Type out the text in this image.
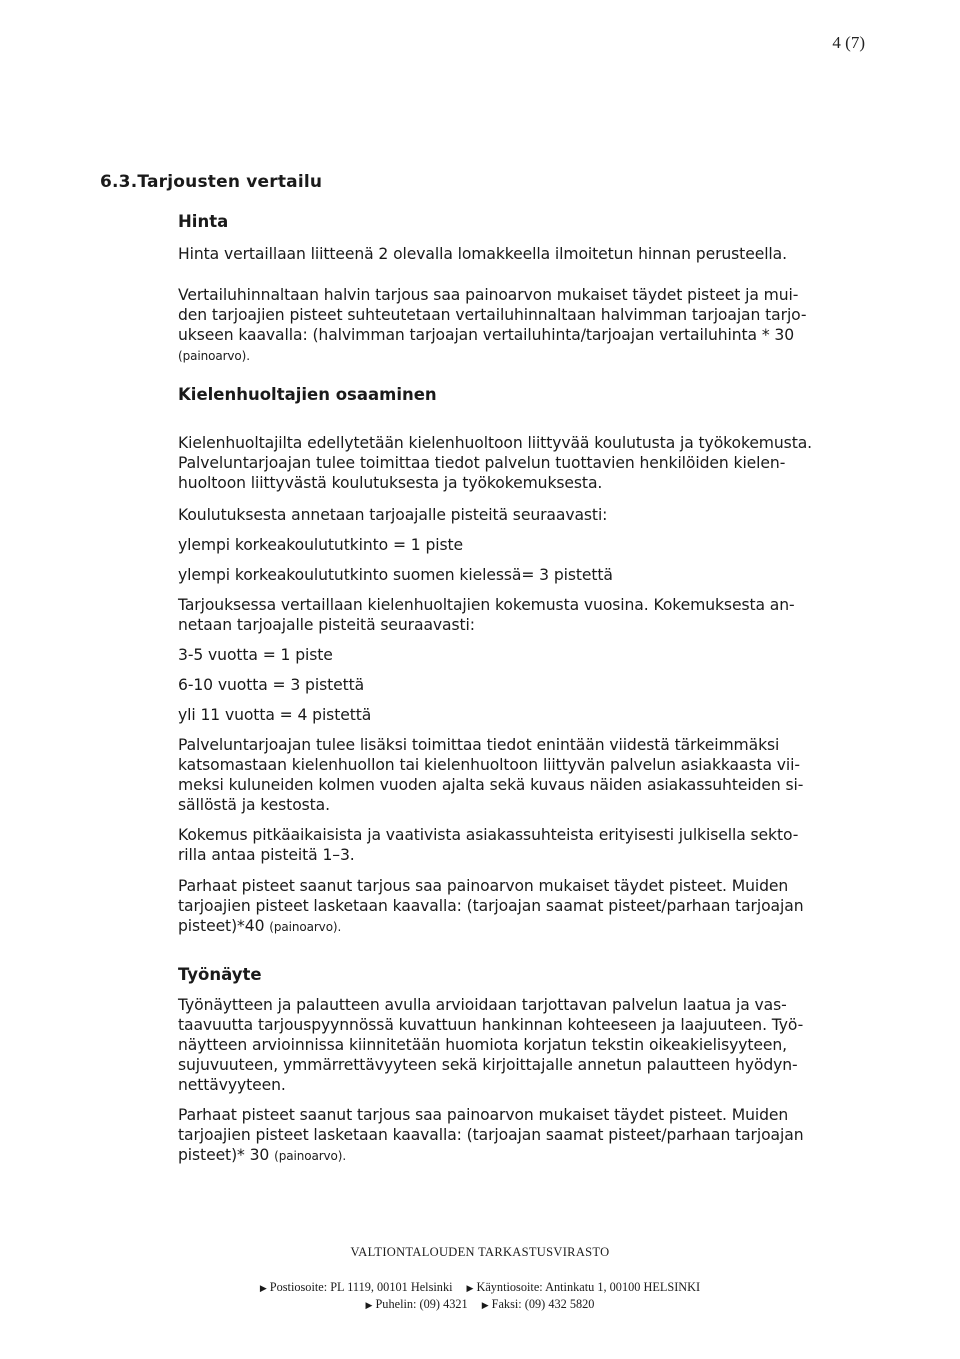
4 (7)
6.3.Tarjousten vertailu
Hinta

Hinta vertaillaan liitteenä 2 olevalla lomakkeella ilmoitetun hinnan perusteella.

Vertailuhinnaltaan halvin tarjous saa painoarvon mukaiset täydet pisteet ja mui-

den tarjoajien pisteet suhteutetaan vertailuhinnaltaan halvimman tarjoajan tarjo-

ukseen kaavalla: (halvimman tarjoajan vertailuhinta/tarjoajan vertailuhinta * 30

(painoarvo).

Kielenhuoltajien osaaminen

Kielenhuoltajilta edellytetään kielenhuoltoon liittyvää koulutusta ja työkokemusta.

Palveluntarjoajan tulee toimittaa tiedot palvelun tuottavien henkilöiden kielen-

huoltoon liittyvästä koulutuksesta ja työkokemuksesta.

Koulutuksesta annetaan tarjoajalle pisteitä seuraavasti:

ylempi korkeakoulututkinto = 1 piste

ylempi korkeakoulututkinto suomen kielessä= 3 pistettä

Tarjouksessa vertaillaan kielenhuoltajien kokemusta vuosina. Kokemuksesta an-

netaan tarjoajalle pisteitä seuraavasti:

3-5 vuotta = 1 piste

6-10 vuotta = 3 pistettä

yli 11 vuotta = 4 pistettä

Palveluntarjoajan tulee lisäksi toimittaa tiedot enintään viidestä tärkeimmäksi

katsomastaan kielenhuollon tai kielenhuoltoon liittyvän palvelun asiakkaasta vii-

meksi kuluneiden kolmen vuoden ajalta sekä kuvaus näiden asiakassuhteiden si-

sällöstä ja kestosta.

Kokemus pitkäaikaisista ja vaativista asiakassuhteista erityisesti julkisella sekto-

rilla antaa pisteitä 1–3.

Parhaat pisteet saanut tarjous saa painoarvon mukaiset täydet pisteet. Muiden

tarjoajien pisteet lasketaan kaavalla: (tarjoajan saamat pisteet/parhaan tarjoajan

pisteet)*40 (painoarvo).

Työnäyte

Työnäytteen ja palautteen avulla arvioidaan tarjottavan palvelun laatua ja vas-

taavuutta tarjouspyynnössä kuvattuun hankinnan kohteeseen ja laajuuteen. Työ-

näytteen arvioinnissa kiinnitetään huomiota korjatun tekstin oikeakielisyyteen,

sujuvuuteen, ymmärrettävyyteen sekä kirjoittajalle annetun palautteen hyödyn-

nettävyyteen.

Parhaat pisteet saanut tarjous saa painoarvon mukaiset täydet pisteet. Muiden

tarjoajien pisteet lasketaan kaavalla: (tarjoajan saamat pisteet/parhaan tarjoajan

pisteet)* 30 (painoarvo).

VALTIONTALOUDEN TARKASTUSVIRASTO
▶ Postiosoite: PL 1119, 00101 Helsinki ▶ Käyntiosoite: Antinkatu 1, 00100 HELSINKI
▶ Puhelin: (09) 4321 ▶ Faksi: (09) 432 5820
